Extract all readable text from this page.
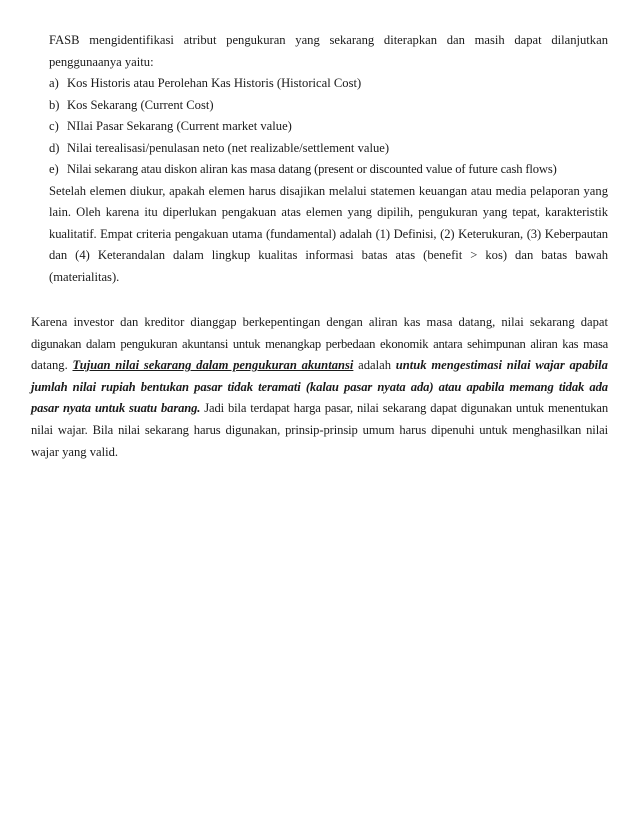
FASB mengidentifikasi atribut pengukuran yang sekarang diterapkan dan masih dapat dilanjutkan
penggunaanya yaitu:
a) Kos Historis atau Perolehan Kas Historis (Historical Cost)
b) Kos Sekarang (Current Cost)
c) NIlai Pasar Sekarang (Current market value)
d) Nilai terealisasi/penulasan neto (net realizable/settlement value)
e) Nilai sekarang atau diskon aliran kas masa datang (present or discounted value of future cash flows)
Setelah elemen diukur, apakah elemen harus disajikan melalui statemen keuangan atau media pelaporan yang
lain. Oleh karena itu diperlukan pengakuan atas elemen yang dipilih, pengukuran yang tepat, karakteristik
kualitatif. Empat criteria pengakuan utama (fundamental) adalah (1) Definisi, (2) Keterukuran, (3) Keberpautan
dan (4) Keterandalan dalam lingkup kualitas informasi batas atas (benefit > kos) dan batas bawah
(materialitas).
Karena investor dan kreditor dianggap berkepentingan dengan aliran kas masa datang, nilai sekarang dapat
digunakan dalam pengukuran akuntansi untuk menangkap perbedaan ekonomik antara sehimpunan aliran kas masa
datang. Tujuan nilai sekarang dalam pengukuran akuntansi adalah untuk mengestimasi nilai wajar apabila
jumlah nilai rupiah bentukan pasar tidak teramati (kalau pasar nyata ada) atau apabila memang tidak ada
pasar nyata untuk suatu barang. Jadi bila terdapat harga pasar, nilai sekarang dapat digunakan untuk menentukan
nilai wajar. Bila nilai sekarang harus digunakan, prinsip-prinsip umum harus dipenuhi untuk menghasilkan nilai
wajar yang valid.
